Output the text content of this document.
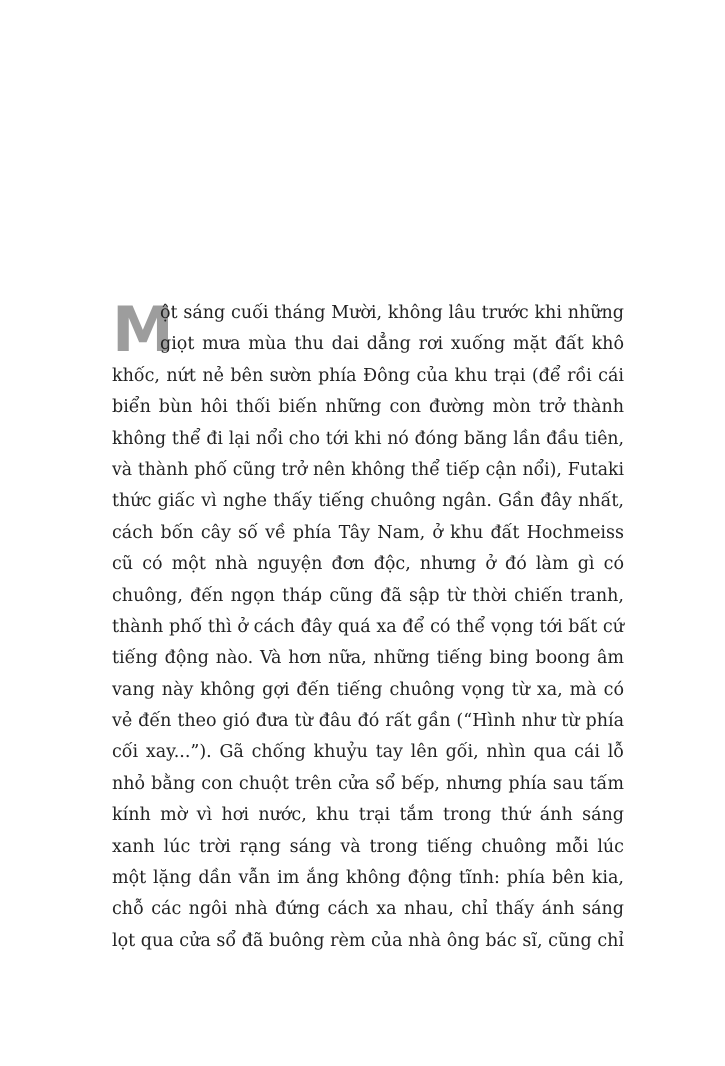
M
ột sáng cuối tháng Mười, không lâu trước khi những
giọt mưa mùa thu dai dẳng rơi xuống mặt đất khô
khốc, nứt nẻ bên sườn phía Đông của khu trại (để rồi cái
biển bùn hôi thối biến những con đường mòn trở thành
không thể đi lại nổi cho tới khi nó đóng băng lần đầu tiên,
và thành phố cũng trở nên không thể tiếp cận nổi), Futaki
thức giấc vì nghe thấy tiếng chuông ngân. Gần đây nhất,
cách bốn cây số về phía Tây Nam, ở khu đất Hochmeiss
cũ có một nhà nguyện đơn độc, nhưng ở đó làm gì có
chuông, đến ngọn tháp cũng đã sập từ thời chiến tranh,
thành phố thì ở cách đây quá xa để có thể vọng tới bất cứ
tiếng động nào. Và hơn nữa, những tiếng bing boong âm
vang này không gợi đến tiếng chuông vọng từ xa, mà có
vẻ đến theo gió đưa từ đâu đó rất gần (“Hình như từ phía
cối xay...”). Gã chống khuỷu tay lên gối, nhìn qua cái lỗ
nhỏ bằng con chuột trên cửa sổ bếp, nhưng phía sau tấm
kính mờ vì hơi nước, khu trại tắm trong thứ ánh sáng
xanh lúc trời rạng sáng và trong tiếng chuông mỗi lúc
một lặng dần vẫn im ắng không động tĩnh: phía bên kia,
chỗ các ngôi nhà đứng cách xa nhau, chỉ thấy ánh sáng
lọt qua cửa sổ đã buông rèm của nhà ông bác sĩ, cũng chỉ
